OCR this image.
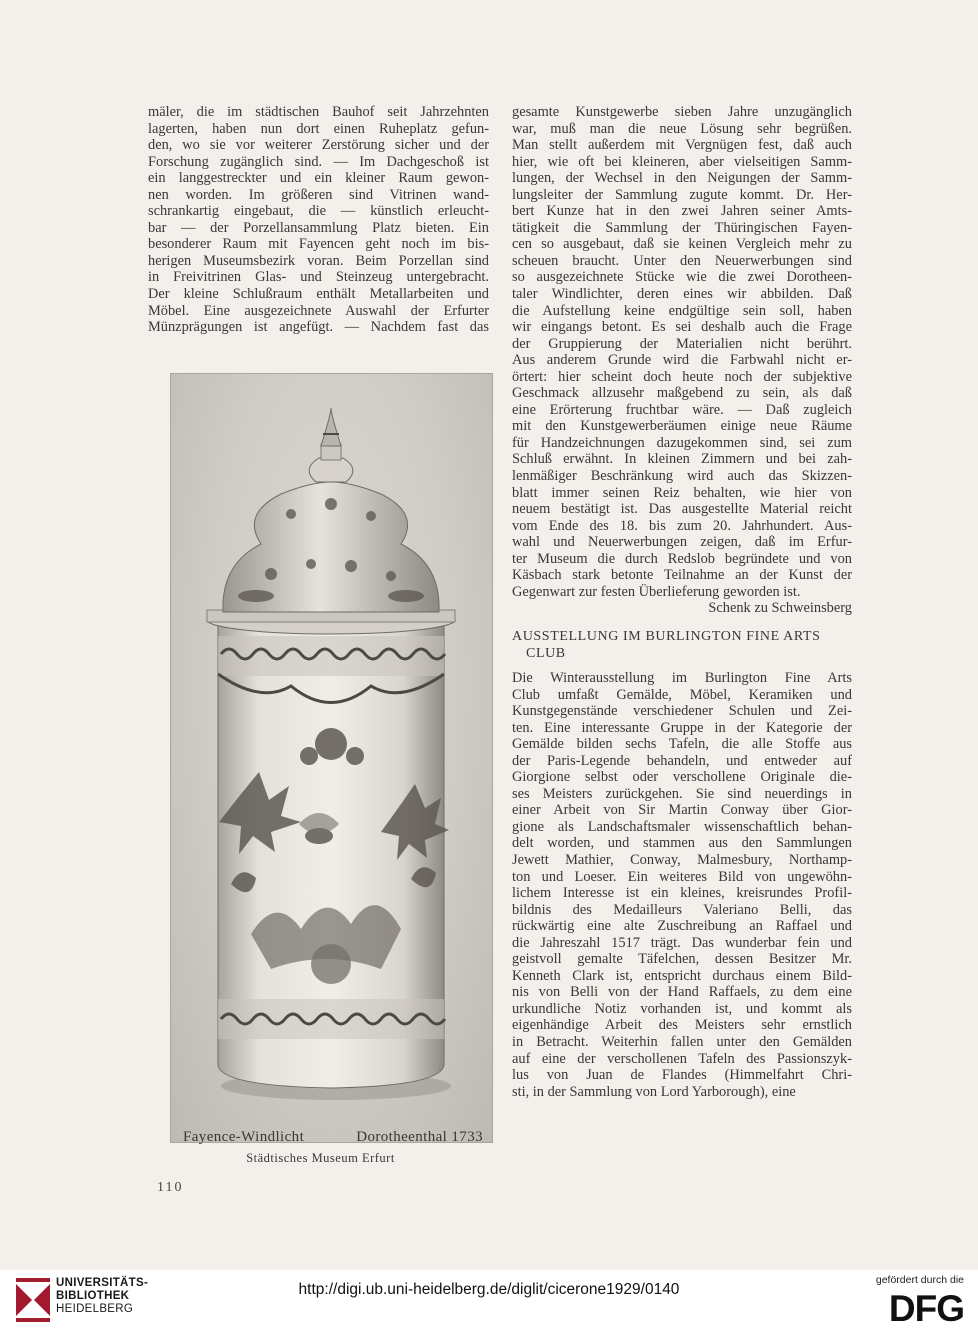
mäler, die im städtischen Bauhof seit Jahrzehnten
lagerten, haben nun dort einen Ruheplatz gefun-
den, wo sie vor weiterer Zerstörung sicher und der
Forschung zugänglich sind. — Im Dachgeschoß ist
ein langgestreckter und ein kleiner Raum gewon-
nen worden. Im größeren sind Vitrinen wand-
schrankartig eingebaut, die — künstlich erleucht-
bar — der Porzellansammlung Platz bieten. Ein
besonderer Raum mit Fayencen geht noch im bis-
herigen Museumsbezirk voran. Beim Porzellan sind
in Freivitrinen Glas- und Steinzeug untergebracht.
Der kleine Schlußraum enthält Metallarbeiten und
Möbel. Eine ausgezeichnete Auswahl der Erfurter
Münzprägungen ist angefügt. — Nachdem fast das

gesamte Kunstgewerbe sieben Jahre unzugänglich
war, muß man die neue Lösung sehr begrüßen.
Man stellt außerdem mit Vergnügen fest, daß auch
hier, wie oft bei kleineren, aber vielseitigen Samm-
lungen, der Wechsel in den Neigungen der Samm-
lungsleiter der Sammlung zugute kommt. Dr. Her-
bert Kunze hat in den zwei Jahren seiner Amts-
tätigkeit die Sammlung der Thüringischen Fayen-
cen so ausgebaut, daß sie keinen Vergleich mehr zu
scheuen braucht. Unter den Neuerwerbungen sind
so ausgezeichnete Stücke wie die zwei Dorotheen-
taler Windlichter, deren eines wir abbilden. Daß
die Aufstellung keine endgültige sein soll, haben
wir eingangs betont. Es sei deshalb auch die Frage
der Gruppierung der Materialien nicht berührt.
Aus anderem Grunde wird die Farbwahl nicht er-
örtert: hier scheint doch heute noch der subjektive
Geschmack allzusehr maßgebend zu sein, als daß
eine Erörterung fruchtbar wäre. — Daß zugleich
mit den Kunstgewerberäumen einige neue Räume
für Handzeichnungen dazugekommen sind, sei zum
Schluß erwähnt. In kleinen Zimmern und bei zah-
lenmäßiger Beschränkung wird auch das Skizzen-
blatt immer seinen Reiz behalten, wie hier von
neuem bestätigt ist. Das ausgestellte Material reicht
vom Ende des 18. bis zum 20. Jahrhundert. Aus-
wahl und Neuerwerbungen zeigen, daß im Erfur-
ter Museum die durch Redslob begründete und von
Käsbach stark betonte Teilnahme an der Kunst der
Gegenwart zur festen Überlieferung geworden ist.

Schenk zu Schweinsberg
AUSSTELLUNG IM BURLINGTON FINE ARTS
CLUB

Die Winterausstellung im Burlington Fine Arts
Club umfaßt Gemälde, Möbel, Keramiken und
Kunstgegenstände verschiedener Schulen und Zei-
ten. Eine interessante Gruppe in der Kategorie der
Gemälde bilden sechs Tafeln, die alle Stoffe aus
der Paris-Legende behandeln, und entweder auf
Giorgione selbst oder verschollene Originale die-
ses Meisters zurückgehen. Sie sind neuerdings in
einer Arbeit von Sir Martin Conway über Gior-
gione als Landschaftsmaler wissenschaftlich behan-
delt worden, und stammen aus den Sammlungen
Jewett Mathier, Conway, Malmesbury, Northamp-
ton und Loeser. Ein weiteres Bild von ungewöhn-
lichem Interesse ist ein kleines, kreisrundes Profil-
bildnis des Medailleurs Valeriano Belli, das
rückwärtig eine alte Zuschreibung an Raffael und
die Jahreszahl 1517 trägt. Das wunderbar fein und
geistvoll gemalte Täfelchen, dessen Besitzer Mr.
Kenneth Clark ist, entspricht durchaus einem Bild-
nis von Belli von der Hand Raffaels, zu dem eine
urkundliche Notiz vorhanden ist, und kommt als
eigenhändige Arbeit des Meisters sehr ernstlich
in Betracht. Weiterhin fallen unter den Gemälden
auf eine der verschollenen Tafeln des Passionszyk-
lus von Juan de Flandes (Himmelfahrt Chri-
sti, in der Sammlung von Lord Yarborough), eine

Fayence-Windlicht	Dorotheenthal 1733
Städtisches Museum Erfurt
110
UNIVERSITÄTS-
BIBLIOTHEK
HEIDELBERG
http://digi.ub.uni-heidelberg.de/diglit/cicerone1929/0140
gefördert durch die
DFG
